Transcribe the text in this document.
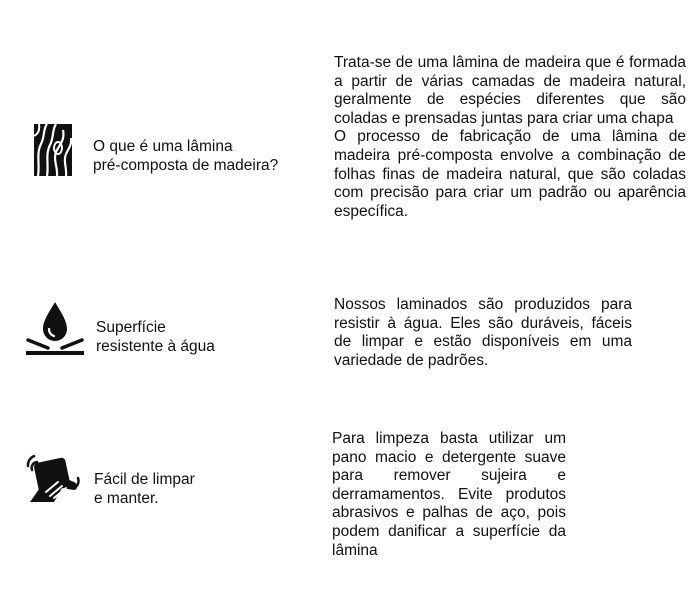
O que é uma lâmina
pré-composta de madeira?

Trata-se de uma lâmina de madeira que é formada a partir de várias camadas de madeira natural, geralmente de espécies diferentes que são coladas e prensadas juntas para criar uma chapa

O processo de fabricação de uma lâmina de madeira pré-composta envolve a combinação de folhas finas de madeira natural, que são coladas com precisão para criar um padrão ou aparência específica.

Superfície
resistente à água

Nossos laminados são produzidos para resistir à água. Eles são duráveis, fáceis de limpar e estão disponíveis em uma variedade de padrões.

Fácil de limpar
e manter.

Para limpeza basta utilizar um pano macio e detergente suave para remover sujeira e derramamentos. Evite produtos abrasivos e palhas de aço, pois podem danificar a superfície da lâmina
